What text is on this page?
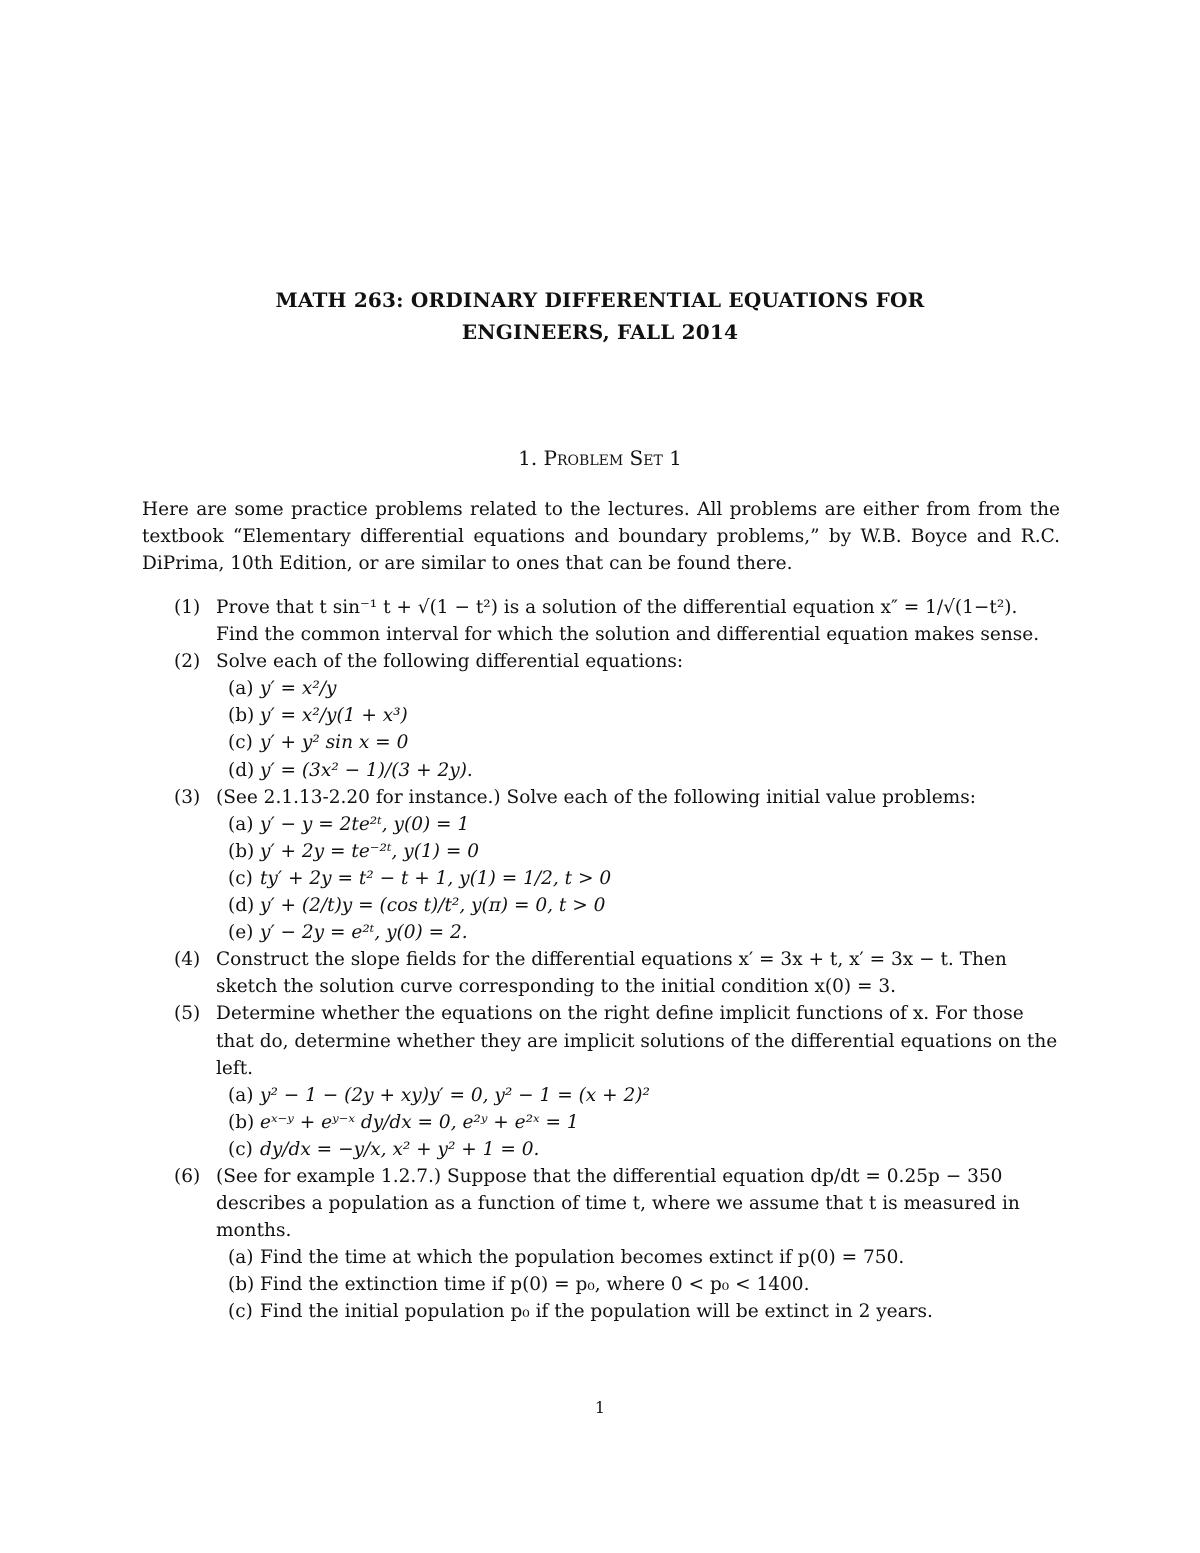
MATH 263: ORDINARY DIFFERENTIAL EQUATIONS FOR
ENGINEERS, FALL 2014
1. Problem Set 1
Here are some practice problems related to the lectures. All problems are either from from the textbook “Elementary differential equations and boundary problems,” by W.B. Boyce and R.C. DiPrima, 10th Edition, or are similar to ones that can be found there.
(1) Prove that t sin⁻¹ t + √(1 − t²) is a solution of the differential equation x″ = 1/√(1−t²). Find the common interval for which the solution and differential equation makes sense.
(2) Solve each of the following differential equations:
(a) y′ = x²/y
(b) y′ = x²/y(1 + x³)
(c) y′ + y² sin x = 0
(d) y′ = (3x² − 1)/(3 + 2y).
(3) (See 2.1.13-2.20 for instance.) Solve each of the following initial value problems:
(a) y′ − y = 2te²ᵗ, y(0) = 1
(b) y′ + 2y = te⁻²ᵗ, y(1) = 0
(c) ty′ + 2y = t² − t + 1, y(1) = 1/2, t > 0
(d) y′ + (2/t)y = (cos t)/t², y(π) = 0, t > 0
(e) y′ − 2y = e²ᵗ, y(0) = 2.
(4) Construct the slope fields for the differential equations x′ = 3x + t, x′ = 3x − t. Then sketch the solution curve corresponding to the initial condition x(0) = 3.
(5) Determine whether the equations on the right define implicit functions of x. For those that do, determine whether they are implicit solutions of the differential equations on the left.
(a) y² − 1 − (2y + xy)y′ = 0, y² − 1 = (x + 2)²
(b) eˣ⁻ʸ + eʸ⁻ˣ dy/dx = 0, e²ʸ + e²ˣ = 1
(c) dy/dx = −y/x, x² + y² + 1 = 0.
(6) (See for example 1.2.7.) Suppose that the differential equation dp/dt = 0.25p − 350 describes a population as a function of time t, where we assume that t is measured in months.
(a) Find the time at which the population becomes extinct if p(0) = 750.
(b) Find the extinction time if p(0) = p₀, where 0 < p₀ < 1400.
(c) Find the initial population p₀ if the population will be extinct in 2 years.
1
